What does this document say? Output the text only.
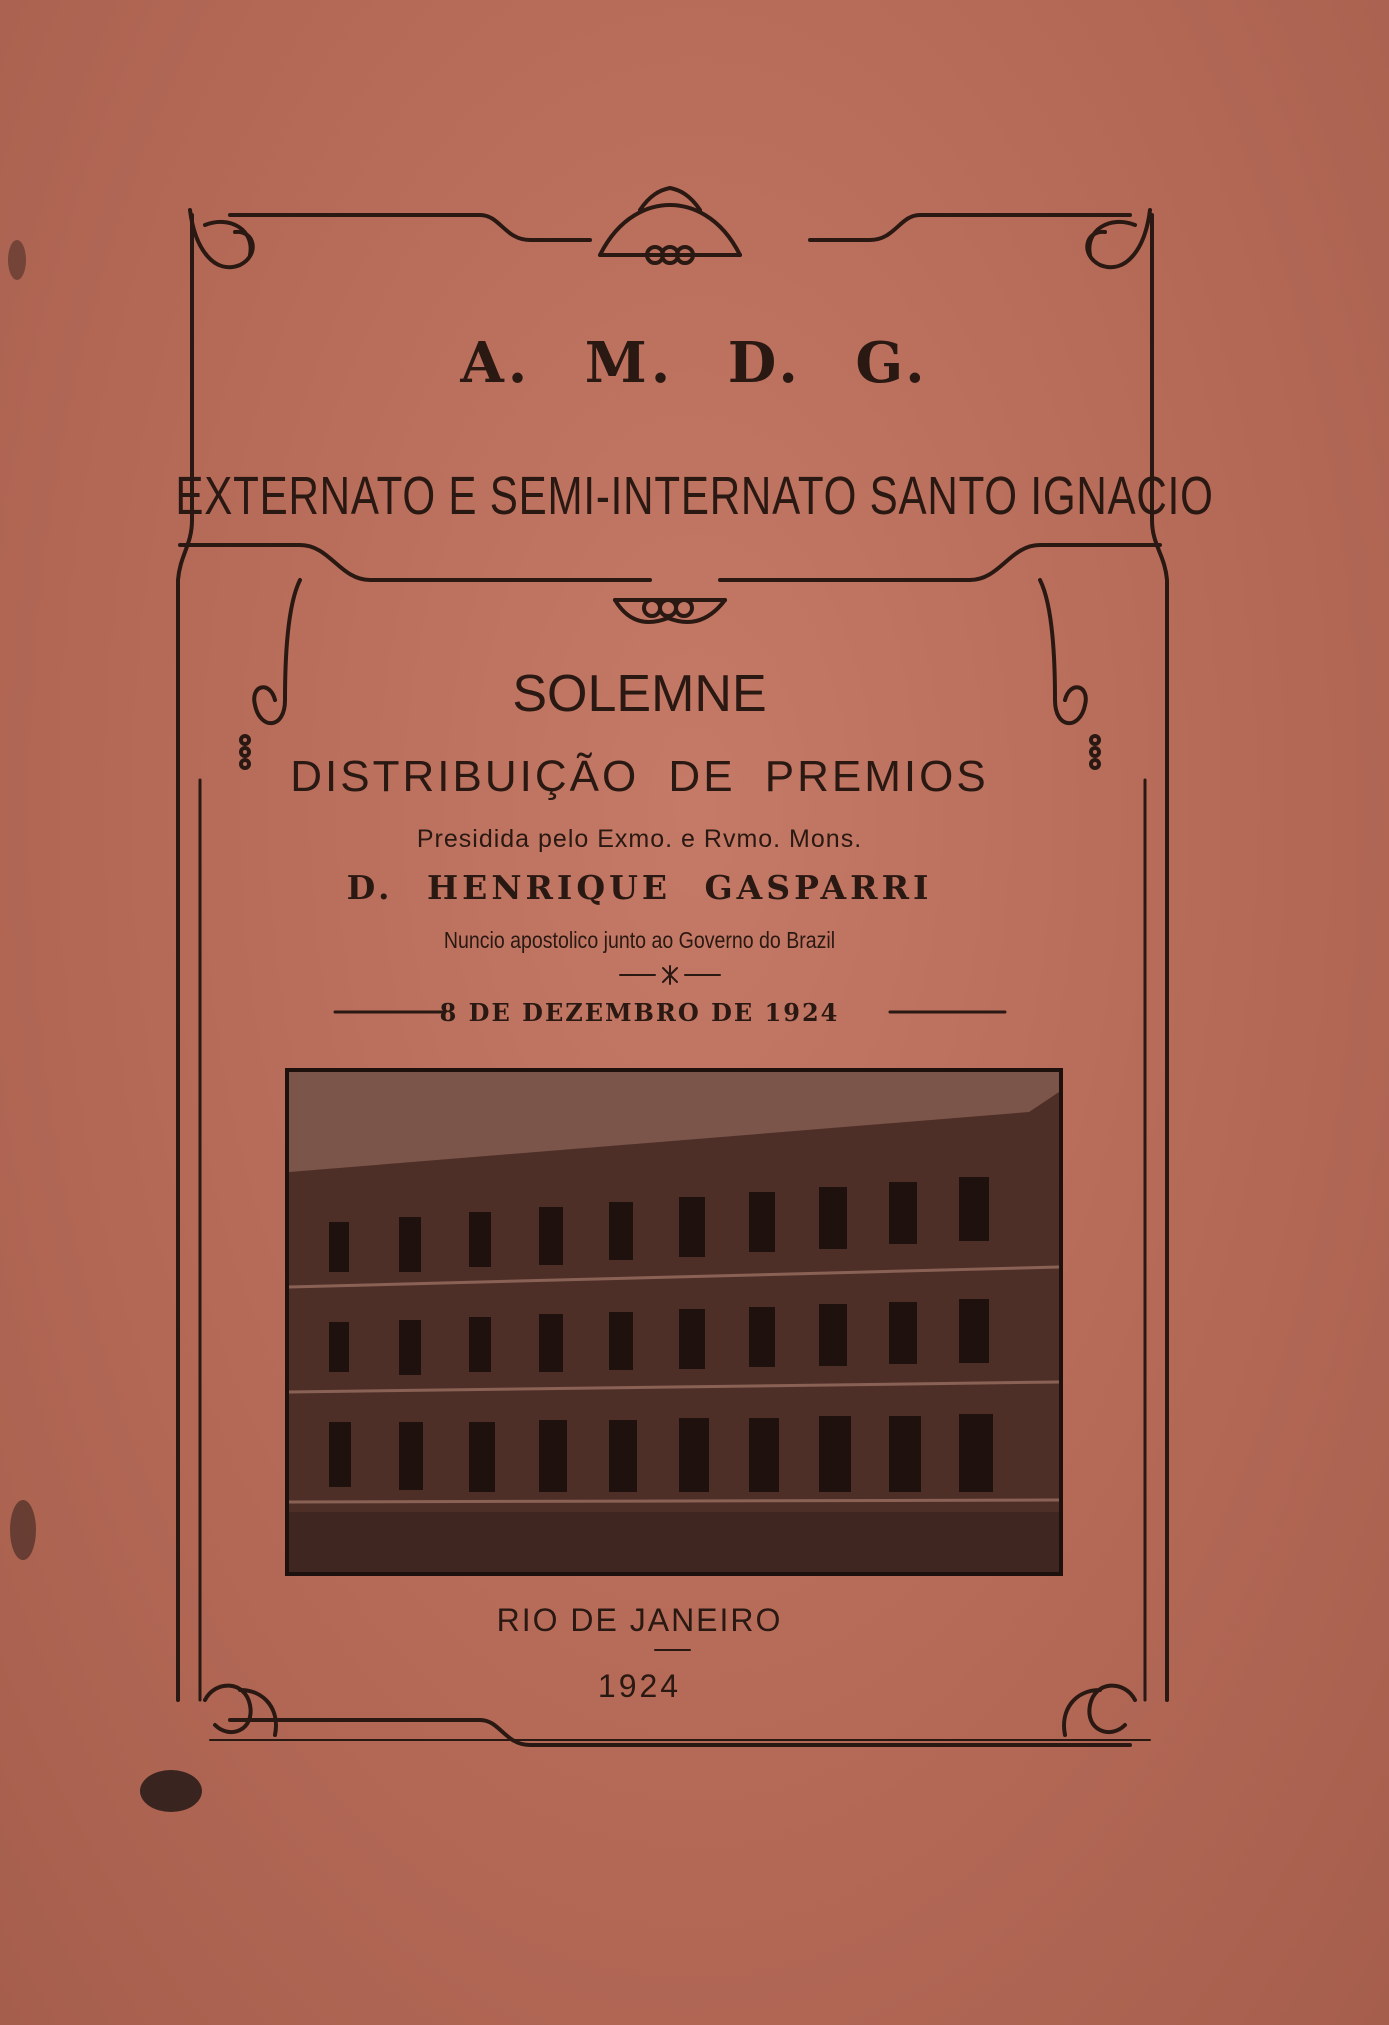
A. M. D. G.
EXTERNATO E SEMI-INTERNATO SANTO IGNACIO
SOLEMNE
DISTRIBUIÇÃO DE PREMIOS
Presidida pelo Exmo. e Rvmo. Mons.
D. HENRIQUE GASPARRI
Nuncio apostolico junto ao Governo do Brazil
8 DE DEZEMBRO DE 1924
RIO DE JANEIRO
1924
